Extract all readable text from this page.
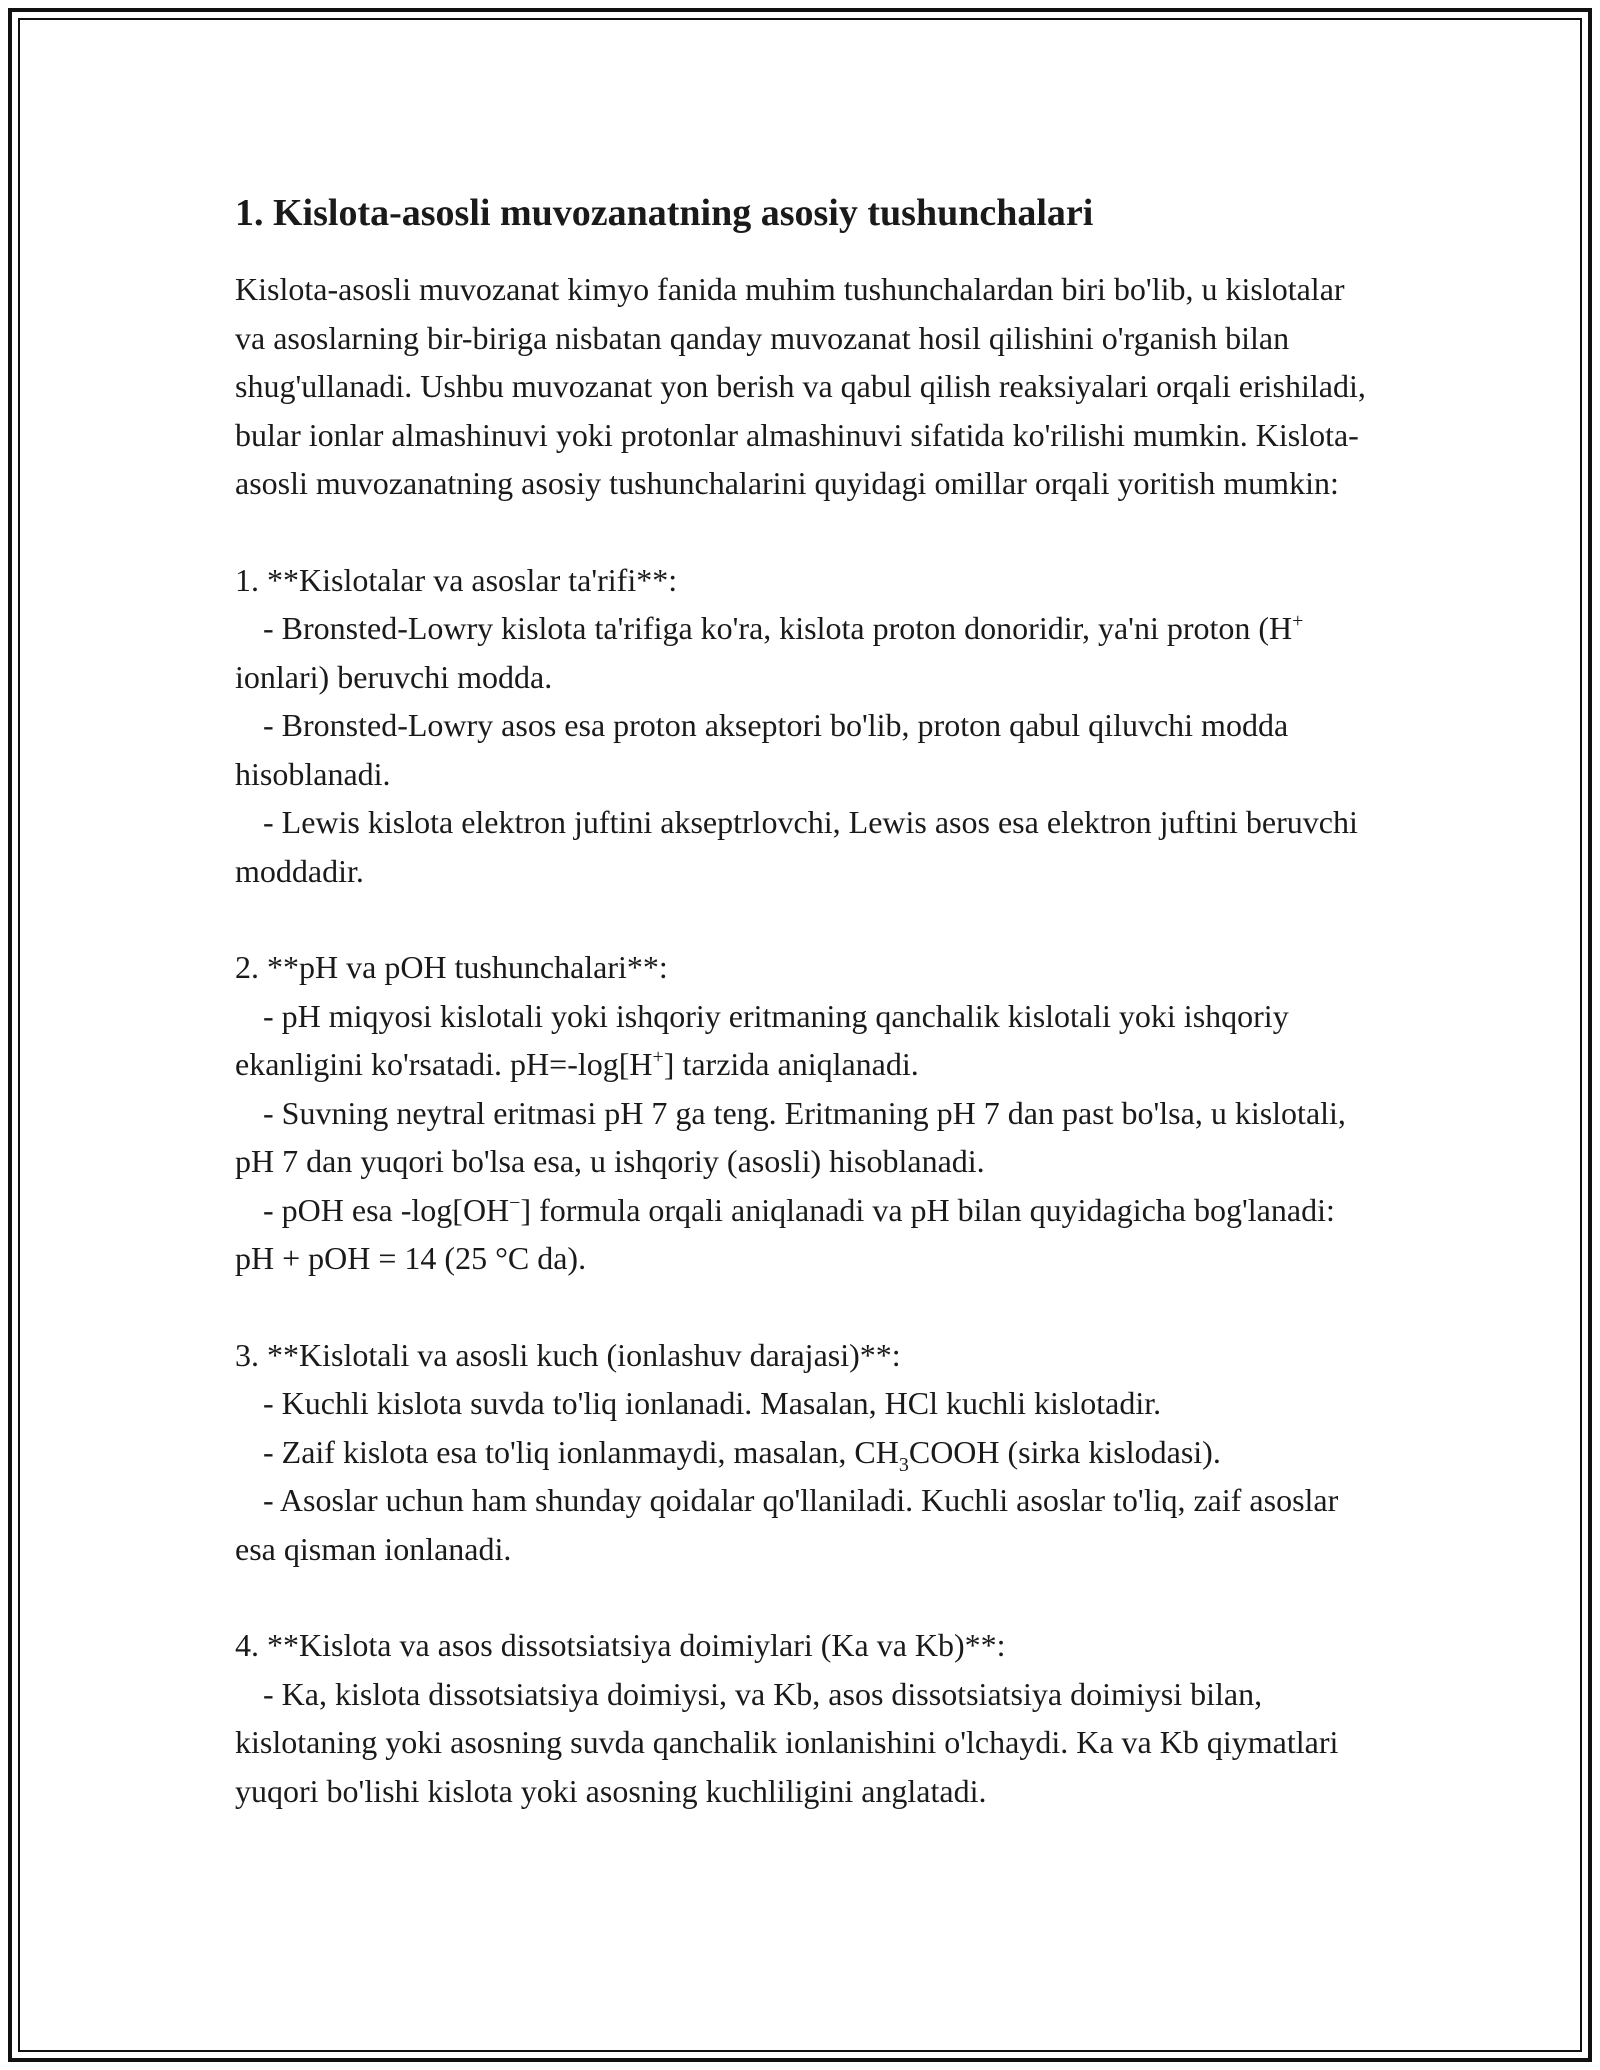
1. Kislota-asosli muvozanatning asosiy tushunchalari

Kislota-asosli muvozanat kimyo fanida muhim tushunchalardan biri bo'lib, u kislotalar va asoslarning bir-biriga nisbatan qanday muvozanat hosil qilishini o'rganish bilan shug'ullanadi. Ushbu muvozanat yon berish va qabul qilish reaksiyalari orqali erishiladi, bular ionlar almashinuvi yoki protonlar almashinuvi sifatida ko'rilishi mumkin. Kislota-asosli muvozanatning asosiy tushunchalarini quyidagi omillar orqali yoritish mumkin:

1. **Kislotalar va asoslar ta'rifi**:

- Bronsted-Lowry kislota ta'rifiga ko'ra, kislota proton donoridir, ya'ni proton (H+ ionlari) beruvchi modda.

- Bronsted-Lowry asos esa proton akseptori bo'lib, proton qabul qiluvchi modda hisoblanadi.

- Lewis kislota elektron juftini akseptrlovchi, Lewis asos esa elektron juftini beruvchi moddadir.

2. **pH va pOH tushunchalari**:

- pH miqyosi kislotali yoki ishqoriy eritmaning qanchalik kislotali yoki ishqoriy ekanligini ko'rsatadi. pH=-log[H+] tarzida aniqlanadi.

- Suvning neytral eritmasi pH 7 ga teng. Eritmaning pH 7 dan past bo'lsa, u kislotali, pH 7 dan yuqori bo'lsa esa, u ishqoriy (asosli) hisoblanadi.

- pOH esa -log[OH−] formula orqali aniqlanadi va pH bilan quyidagicha bog'lanadi: pH + pOH = 14 (25 °C da).

3. **Kislotali va asosli kuch (ionlashuv darajasi)**:

- Kuchli kislota suvda to'liq ionlanadi. Masalan, HCl kuchli kislotadir.

- Zaif kislota esa to'liq ionlanmaydi, masalan, $CH_3COOH$ (sirka kislodasi).

- Asoslar uchun ham shunday qoidalar qo'llaniladi. Kuchli asoslar to'liq, zaif asoslar esa qisman ionlanadi.

4. **Kislota va asos dissotsiatsiya doimiylari (Ka va Kb)**:

- Ka, kislota dissotsiatsiya doimiysi, va Kb, asos dissotsiatsiya doimiysi bilan, kislotaning yoki asosning suvda qanchalik ionlanishini o'lchaydi. Ka va Kb qiymatlari yuqori bo'lishi kislota yoki asosning kuchliligini anglatadi.
